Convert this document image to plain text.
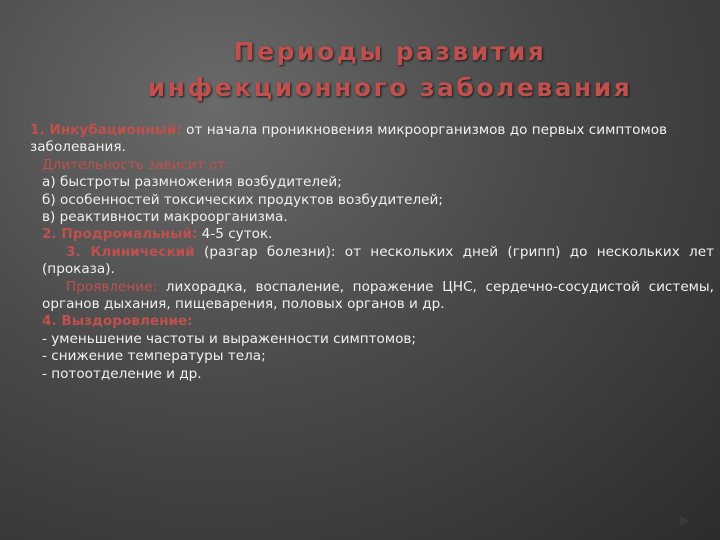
Периоды развития
инфекционного заболевания

1. Инкубационный: от начала проникновения микроорганизмов до первых симптомов заболевания.

Длительность зависит от:

а) быстроты размножения возбудителей;

б) особенностей токсических продуктов возбудителей;

в) реактивности макроорганизма.

2. Продромальный: 4-5 суток.

3. Клинический (разгар болезни): от нескольких дней (грипп) до нескольких лет (проказа).

Проявление: лихорадка, воспаление, поражение ЦНС, сердечно-сосудистой системы, органов дыхания, пищеварения, половых органов и др.

4. Выздоровление:

- уменьшение частоты и выраженности симптомов;

- снижение температуры тела;

- потоотделение и др.
